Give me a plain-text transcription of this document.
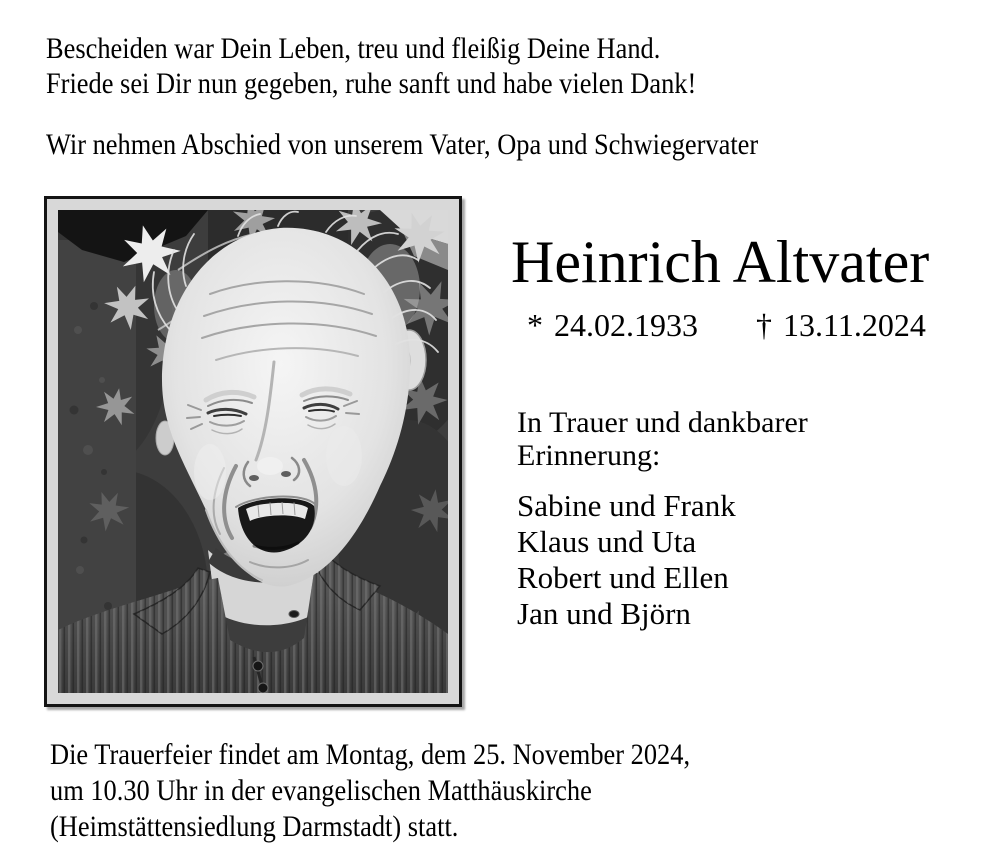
Bescheiden war Dein Leben, treu und fleißig Deine Hand.
Friede sei Dir nun gegeben, ruhe sanft und habe vielen Dank!
Wir nehmen Abschied von unserem Vater, Opa und Schwiegervater
Heinrich Altvater
* 24.02.1933 † 13.11.2024
In Trauer und dankbarer
Erinnerung:
Sabine und Frank
Klaus und Uta
Robert und Ellen
Jan und Björn
Die Trauerfeier findet am Montag, dem 25. November 2024,
um 10.30 Uhr in der evangelischen Matthäuskirche
(Heimstättensiedlung Darmstadt) statt.
